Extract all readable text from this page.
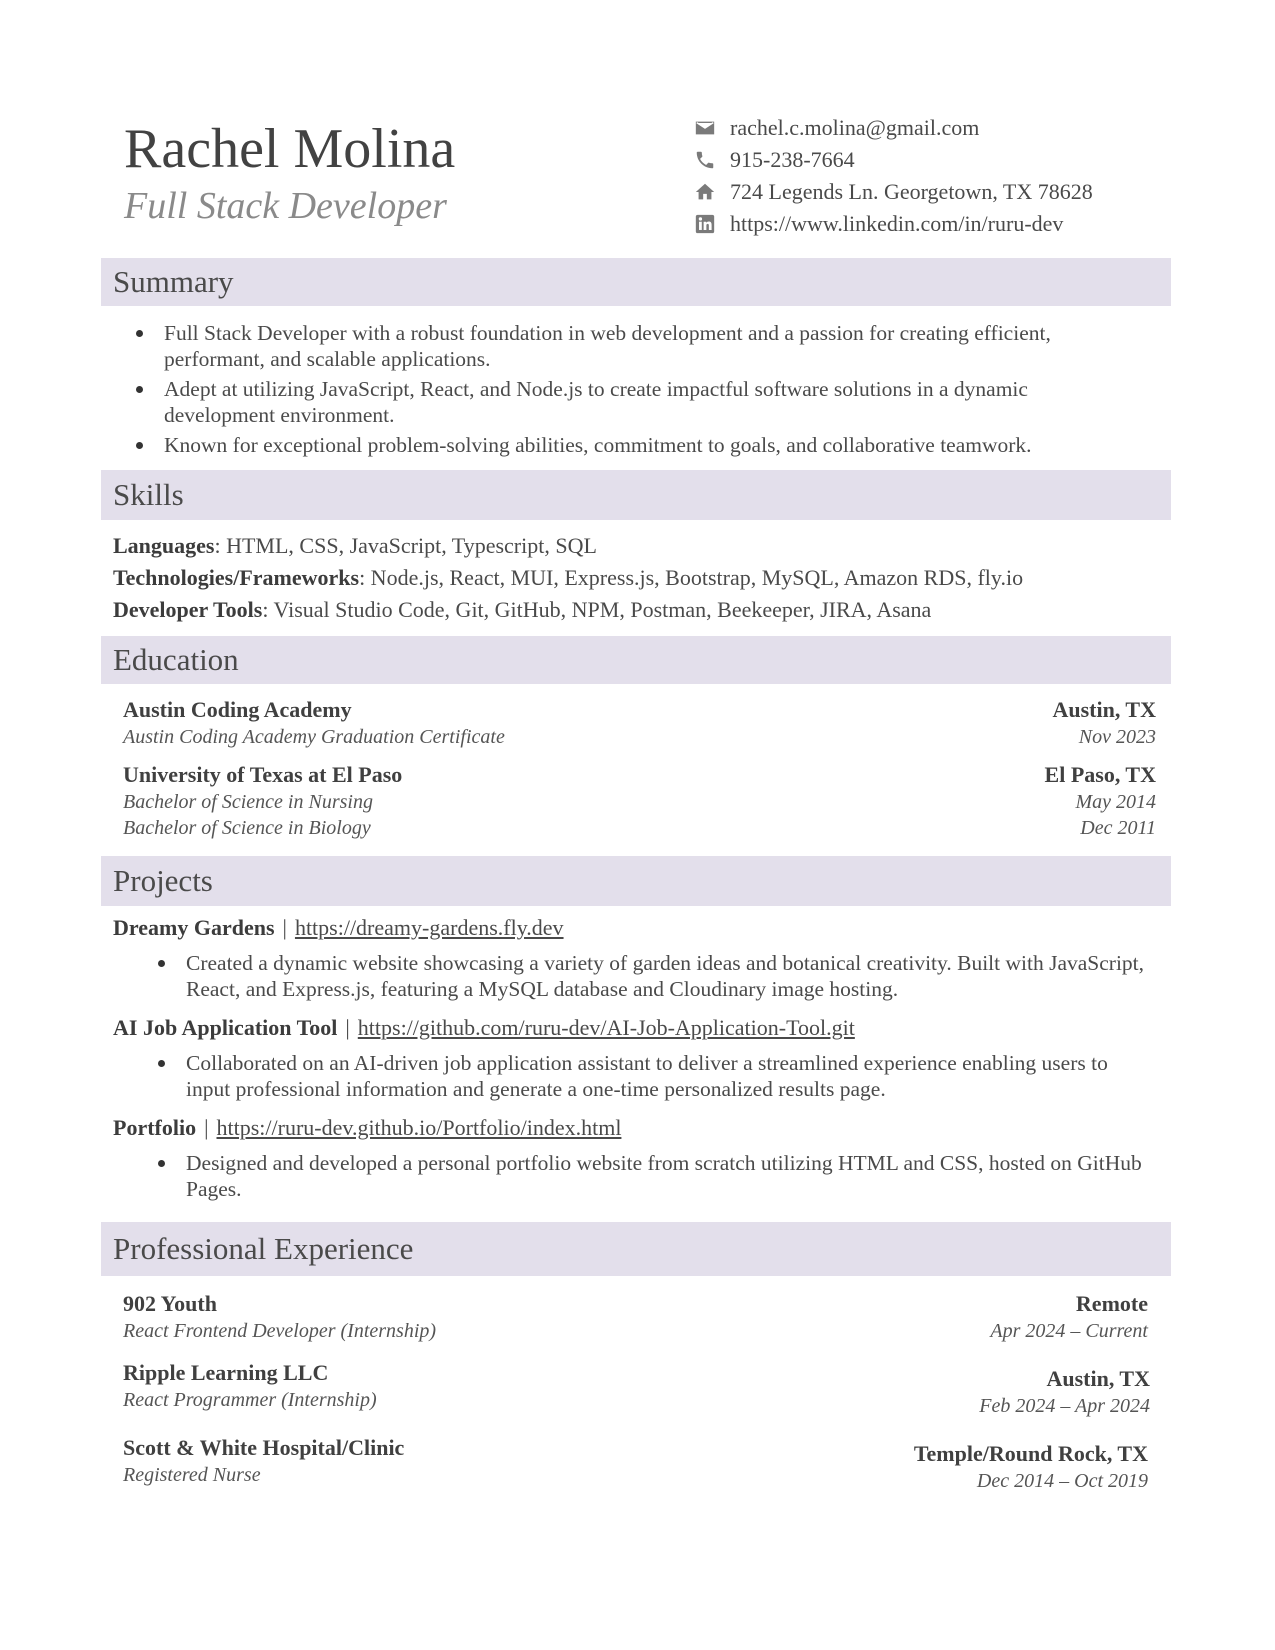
Rachel Molina
Full Stack Developer
rachel.c.molina@gmail.com
915-238-7664
724 Legends Ln. Georgetown, TX 78628
https://www.linkedin.com/in/ruru-dev
Summary
Full Stack Developer with a robust foundation in web development and a passion for creating efficient, performant, and scalable applications.
Adept at utilizing JavaScript, React, and Node.js to create impactful software solutions in a dynamic development environment.
Known for exceptional problem-solving abilities, commitment to goals, and collaborative teamwork.
Skills
Languages: HTML, CSS, JavaScript, Typescript, SQL
Technologies/Frameworks: Node.js, React, MUI, Express.js, Bootstrap, MySQL, Amazon RDS, fly.io
Developer Tools: Visual Studio Code, Git, GitHub, NPM, Postman, Beekeeper, JIRA, Asana
Education
Austin Coding Academy
Austin Coding Academy Graduation Certificate
Austin, TX
Nov 2023
University of Texas at El Paso
Bachelor of Science in Nursing
Bachelor of Science in Biology
El Paso, TX
May 2014
Dec 2011
Projects
Dreamy Gardens | https://dreamy-gardens.fly.dev
Created a dynamic website showcasing a variety of garden ideas and botanical creativity. Built with JavaScript, React, and Express.js, featuring a MySQL database and Cloudinary image hosting.
AI Job Application Tool | https://github.com/ruru-dev/AI-Job-Application-Tool.git
Collaborated on an AI-driven job application assistant to deliver a streamlined experience enabling users to input professional information and generate a one-time personalized results page.
Portfolio | https://ruru-dev.github.io/Portfolio/index.html
Designed and developed a personal portfolio website from scratch utilizing HTML and CSS, hosted on GitHub Pages.
Professional Experience
902 Youth
React Frontend Developer (Internship)
Remote
Apr 2024 – Current
Ripple Learning LLC
React Programmer (Internship)
Austin, TX
Feb 2024 – Apr 2024
Scott & White Hospital/Clinic
Registered Nurse
Temple/Round Rock, TX
Dec 2014 – Oct 2019
